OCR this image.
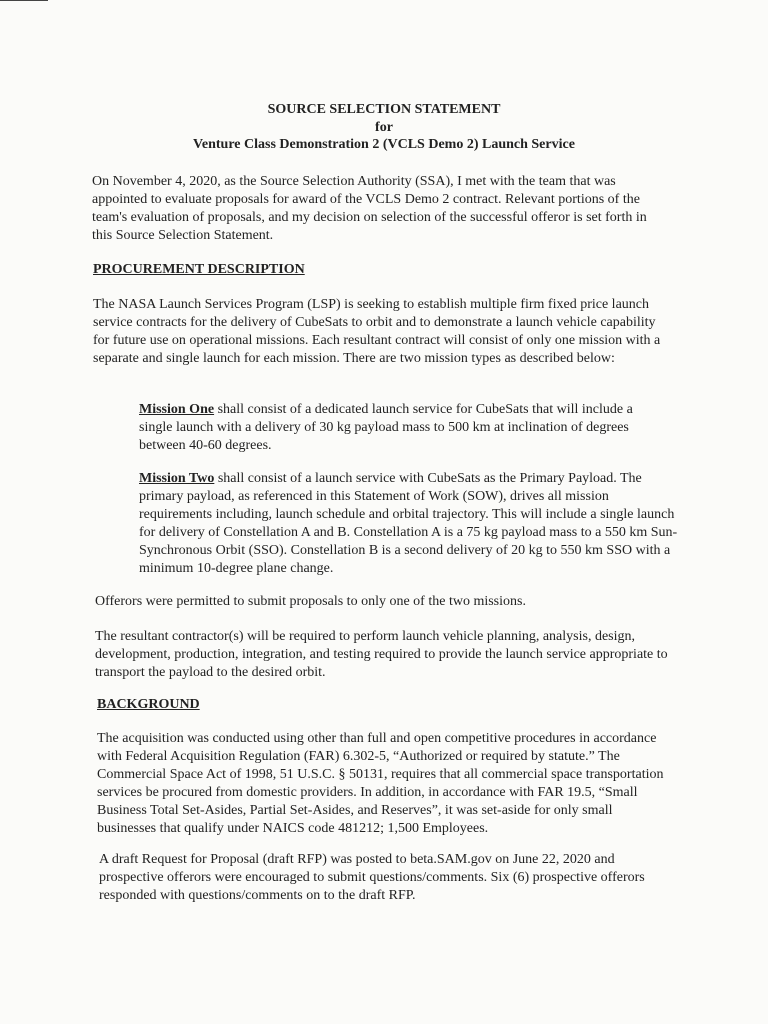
SOURCE SELECTION STATEMENT
for
Venture Class Demonstration 2 (VCLS Demo 2) Launch Service
On November 4, 2020, as the Source Selection Authority (SSA), I met with the team that was appointed to evaluate proposals for award of the VCLS Demo 2 contract. Relevant portions of the team's evaluation of proposals, and my decision on selection of the successful offeror is set forth in this Source Selection Statement.
PROCUREMENT DESCRIPTION
The NASA Launch Services Program (LSP) is seeking to establish multiple firm fixed price launch service contracts for the delivery of CubeSats to orbit and to demonstrate a launch vehicle capability for future use on operational missions. Each resultant contract will consist of only one mission with a separate and single launch for each mission. There are two mission types as described below:
Mission One shall consist of a dedicated launch service for CubeSats that will include a single launch with a delivery of 30 kg payload mass to 500 km at inclination of degrees between 40-60 degrees.
Mission Two shall consist of a launch service with CubeSats as the Primary Payload. The primary payload, as referenced in this Statement of Work (SOW), drives all mission requirements including, launch schedule and orbital trajectory. This will include a single launch for delivery of Constellation A and B. Constellation A is a 75 kg payload mass to a 550 km Sun-Synchronous Orbit (SSO). Constellation B is a second delivery of 20 kg to 550 km SSO with a minimum 10-degree plane change.
Offerors were permitted to submit proposals to only one of the two missions.
The resultant contractor(s) will be required to perform launch vehicle planning, analysis, design, development, production, integration, and testing required to provide the launch service appropriate to transport the payload to the desired orbit.
BACKGROUND
The acquisition was conducted using other than full and open competitive procedures in accordance with Federal Acquisition Regulation (FAR) 6.302-5, “Authorized or required by statute.” The Commercial Space Act of 1998, 51 U.S.C. § 50131, requires that all commercial space transportation services be procured from domestic providers. In addition, in accordance with FAR 19.5, “Small Business Total Set-Asides, Partial Set-Asides, and Reserves”, it was set-aside for only small businesses that qualify under NAICS code 481212; 1,500 Employees.
A draft Request for Proposal (draft RFP) was posted to beta.SAM.gov on June 22, 2020 and prospective offerors were encouraged to submit questions/comments. Six (6) prospective offerors responded with questions/comments on to the draft RFP.
